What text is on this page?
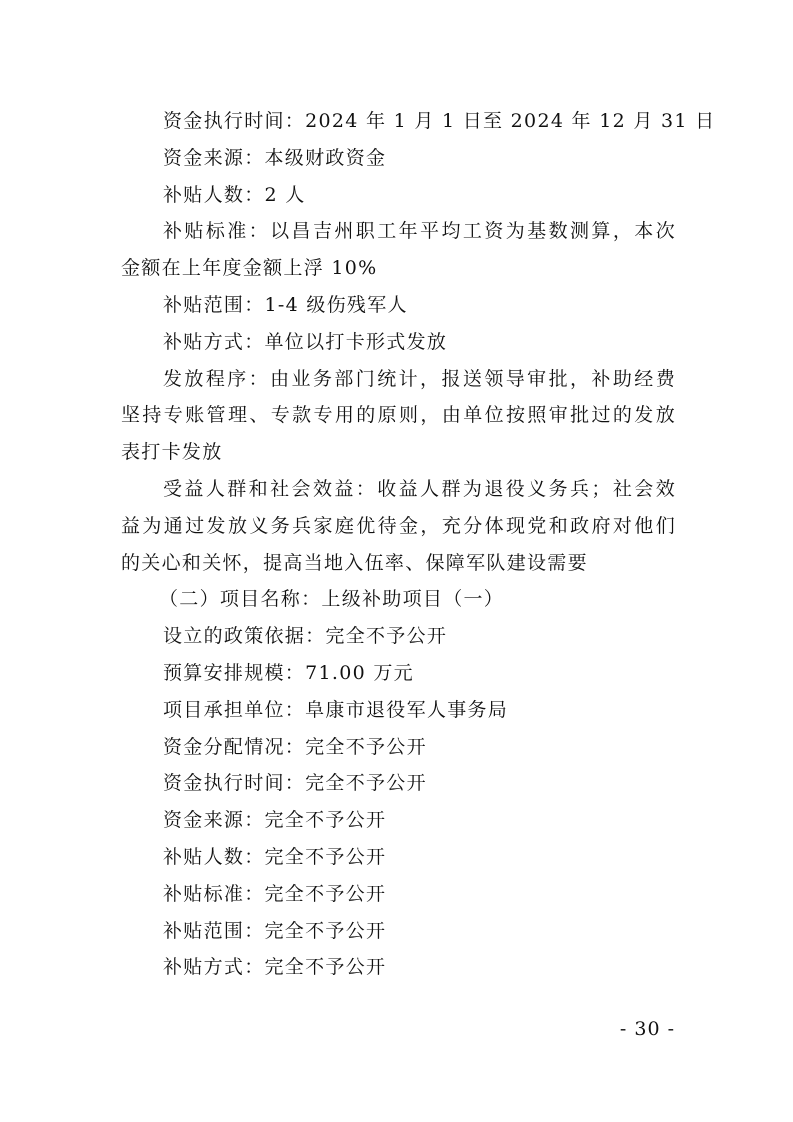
资金执行时间：2024 年 1 月 1 日至 2024 年 12 月 31 日
资金来源：本级财政资金
补贴人数：2 人
补贴标准：以昌吉州职工年平均工资为基数测算，本次
金额在上年度金额上浮 10%
补贴范围：1-4 级伤残军人
补贴方式：单位以打卡形式发放
发放程序：由业务部门统计，报送领导审批，补助经费
坚持专账管理、专款专用的原则，由单位按照审批过的发放
表打卡发放
受益人群和社会效益：收益人群为退役义务兵；社会效
益为通过发放义务兵家庭优待金，充分体现党和政府对他们
的关心和关怀，提高当地入伍率、保障军队建设需要
（二）项目名称：上级补助项目（一）
设立的政策依据：完全不予公开
预算安排规模：71.00 万元
项目承担单位：阜康市退役军人事务局
资金分配情况：完全不予公开
资金执行时间：完全不予公开
资金来源：完全不予公开
补贴人数：完全不予公开
补贴标准：完全不予公开
补贴范围：完全不予公开
补贴方式：完全不予公开
- 30 -
